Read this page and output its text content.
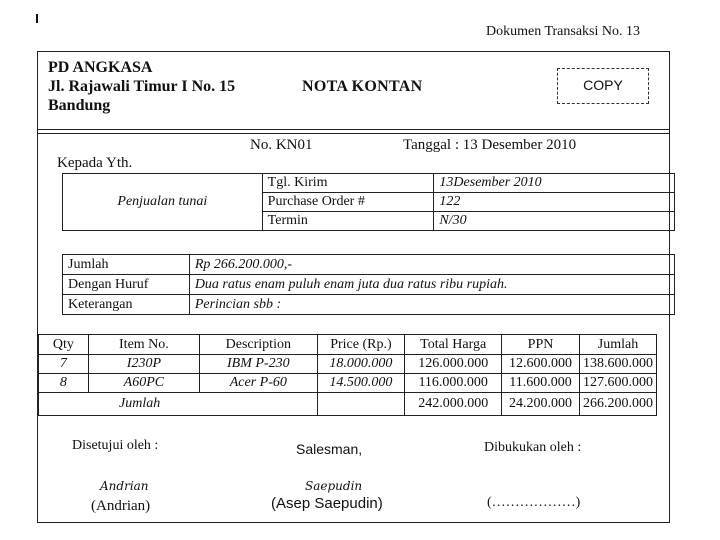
Dokumen Transaksi No. 13
PD ANGKASA
Jl. Rajawali Timur I No. 15
Bandung
NOTA KONTAN	COPY
No. KN01	Tanggal : 13 Desember 2010
Kepada Yth.
Penjualan tunai	Tgl. Kirim	13Desember 2010
	Purchase Order #	122
	Termin	N/30
Jumlah	Rp 266.200.000,-
Dengan Huruf	Dua ratus enam puluh enam juta dua ratus ribu rupiah.
Keterangan	Perincian sbb :
Qty	Item No.	Description	Price (Rp.)	Total Harga	PPN	Jumlah
7	I230P	IBM P-230	18.000.000	126.000.000	12.600.000	138.600.000
8	A60PC	Acer P-60	14.500.000	116.000.000	11.600.000	127.600.000
Jumlah				242.000.000	24.200.000	266.200.000
Disetujui oleh :	Salesman,	Dibukukan oleh :
Andrian	Saepudin
(Andrian)	(Asep Saepudin)	(………………)
